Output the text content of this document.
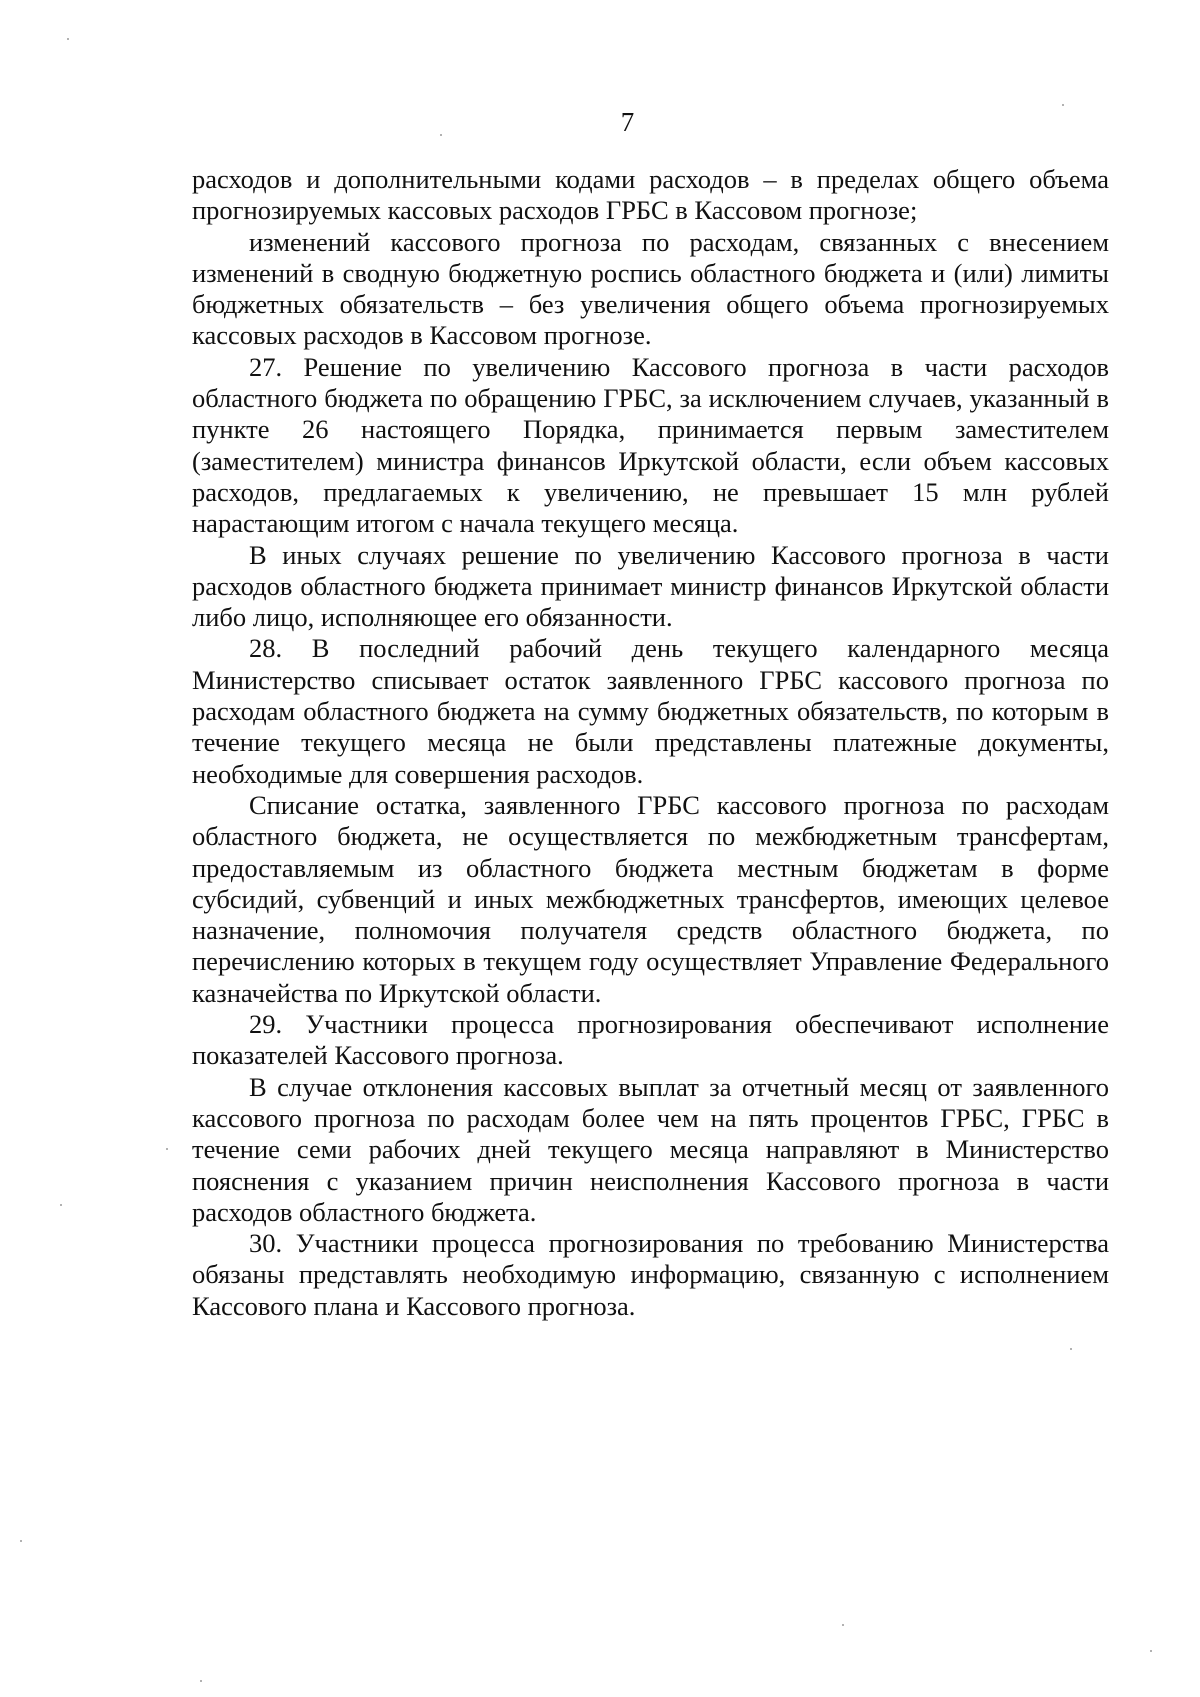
7

расходов и дополнительными кодами расходов – в пределах общего объема прогнозируемых кассовых расходов ГРБС в Кассовом прогнозе;

изменений кассового прогноза по расходам, связанных с внесением изменений в сводную бюджетную роспись областного бюджета и (или) лимиты бюджетных обязательств – без увеличения общего объема прогнозируемых кассовых расходов в Кассовом прогнозе.

27. Решение по увеличению Кассового прогноза в части расходов областного бюджета по обращению ГРБС, за исключением случаев, указанный в пункте 26 настоящего Порядка, принимается первым заместителем (заместителем) министра финансов Иркутской области, если объем кассовых расходов, предлагаемых к увеличению, не превышает 15 млн рублей нарастающим итогом с начала текущего месяца.

В иных случаях решение по увеличению Кассового прогноза в части расходов областного бюджета принимает министр финансов Иркутской области либо лицо, исполняющее его обязанности.

28. В последний рабочий день текущего календарного месяца Министерство списывает остаток заявленного ГРБС кассового прогноза по расходам областного бюджета на сумму бюджетных обязательств, по которым в течение текущего месяца не были представлены платежные документы, необходимые для совершения расходов.

Списание остатка, заявленного ГРБС кассового прогноза по расходам областного бюджета, не осуществляется по межбюджетным трансфертам, предоставляемым из областного бюджета местным бюджетам в форме субсидий, субвенций и иных межбюджетных трансфертов, имеющих целевое назначение, полномочия получателя средств областного бюджета, по перечислению которых в текущем году осуществляет Управление Федерального казначейства по Иркутской области.

29. Участники процесса прогнозирования обеспечивают исполнение показателей Кассового прогноза.

В случае отклонения кассовых выплат за отчетный месяц от заявленного кассового прогноза по расходам более чем на пять процентов ГРБС, ГРБС в течение семи рабочих дней текущего месяца направляют в Министерство пояснения с указанием причин неисполнения Кассового прогноза в части расходов областного бюджета.

30. Участники процесса прогнозирования по требованию Министерства обязаны представлять необходимую информацию, связанную с исполнением Кассового плана и Кассового прогноза.
